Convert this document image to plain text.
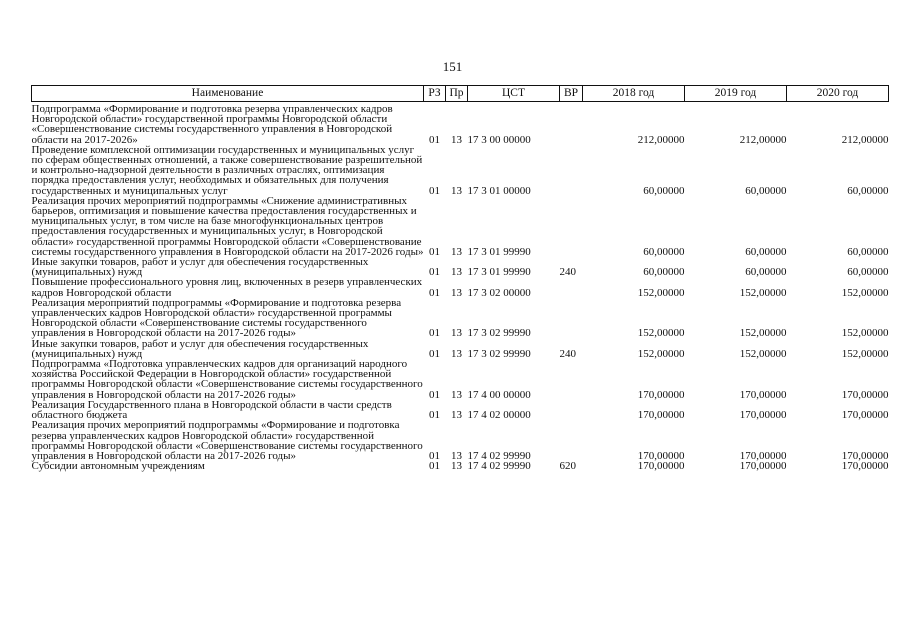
151
Наименование	РЗ	Пр	ЦСТ	ВР	2018 год	2019 год	2020 год
Подпрограмма «Формирование и подготовка резерва управленческих кадров Новгородской области» государственной программы Новгородской области «Совершенствование системы государственного управления в Новгородской области на 2017-2026»	01	13	17 3 00 00000		212,00000	212,00000	212,00000
Проведение комплексной оптимизации государственных и муниципальных услуг по сферам общественных отношений, а также совершенствование разрешительной и контрольно-надзорной деятельности в различных отраслях, оптимизация порядка предоставления услуг, необходимых и обязательных для получения государственных и муниципальных услуг	01	13	17 3 01 00000		60,00000	60,00000	60,00000
Реализация прочих мероприятий подпрограммы «Снижение административных барьеров, оптимизация и повышение качества предоставления государственных и муниципальных услуг, в том числе на базе многофункциональных центров предоставления государственных и муниципальных услуг, в Новгородской области» государственной программы Новгородской области «Совершенствование системы государственного управления в Новгородской области на 2017-2026 годы»	01	13	17 3 01 99990		60,00000	60,00000	60,00000
Иные закупки товаров, работ и услуг для обеспечения государственных (муниципальных) нужд	01	13	17 3 01 99990	240	60,00000	60,00000	60,00000
Повышение профессионального уровня лиц, включенных в резерв управленческих кадров Новгородской области	01	13	17 3 02 00000		152,00000	152,00000	152,00000
Реализация мероприятий подпрограммы «Формирование и подготовка резерва управленческих кадров Новгородской области» государственной программы Новгородской области «Совершенствование системы государственного управления в Новгородской области на 2017-2026 годы»	01	13	17 3 02 99990		152,00000	152,00000	152,00000
Иные закупки товаров, работ и услуг для обеспечения государственных (муниципальных) нужд	01	13	17 3 02 99990	240	152,00000	152,00000	152,00000
Подпрограмма «Подготовка управленческих кадров для организаций народного хозяйства Российской Федерации в Новгородской области» государственной программы Новгородской области «Совершенствование системы государственного управления в Новгородской области на 2017-2026 годы»	01	13	17 4 00 00000		170,00000	170,00000	170,00000
Реализация Государственного плана в Новгородской области в части средств областного бюджета	01	13	17 4 02 00000		170,00000	170,00000	170,00000
Реализация прочих мероприятий подпрограммы «Формирование и подготовка резерва управленческих кадров Новгородской области» государственной программы Новгородской области «Совершенствование системы государственного управления в Новгородской области на 2017-2026 годы»	01	13	17 4 02 99990		170,00000	170,00000	170,00000
Субсидии автономным учреждениям	01	13	17 4 02 99990	620	170,00000	170,00000	170,00000
